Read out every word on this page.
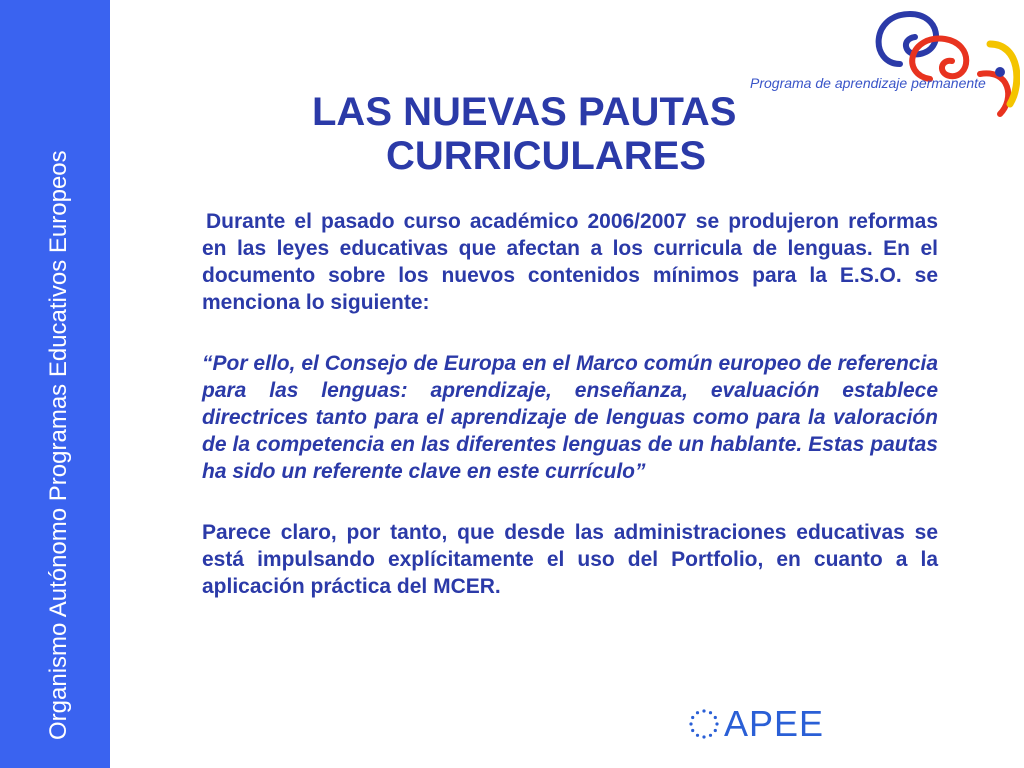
Organismo Autónomo Programas Educativos Europeos
Programa de aprendizaje permanente
LAS NUEVAS PAUTAS
CURRICULARES

Durante el pasado curso académico 2006/2007 se produjeron reformas en las leyes educativas que afectan a los curricula de lenguas. En el documento sobre los nuevos contenidos mínimos para la E.S.O. se menciona lo siguiente:

“Por ello, el Consejo de Europa en el Marco común europeo de referencia para las lenguas: aprendizaje, enseñanza, evaluación establece directrices tanto para el aprendizaje de lenguas como para la valoración de la competencia en las diferentes lenguas de un hablante. Estas pautas ha sido un referente clave en este currículo”

Parece claro, por tanto, que desde las administraciones educativas se está impulsando explícitamente el uso del Portfolio, en cuanto a la aplicación práctica del MCER.

APEE
